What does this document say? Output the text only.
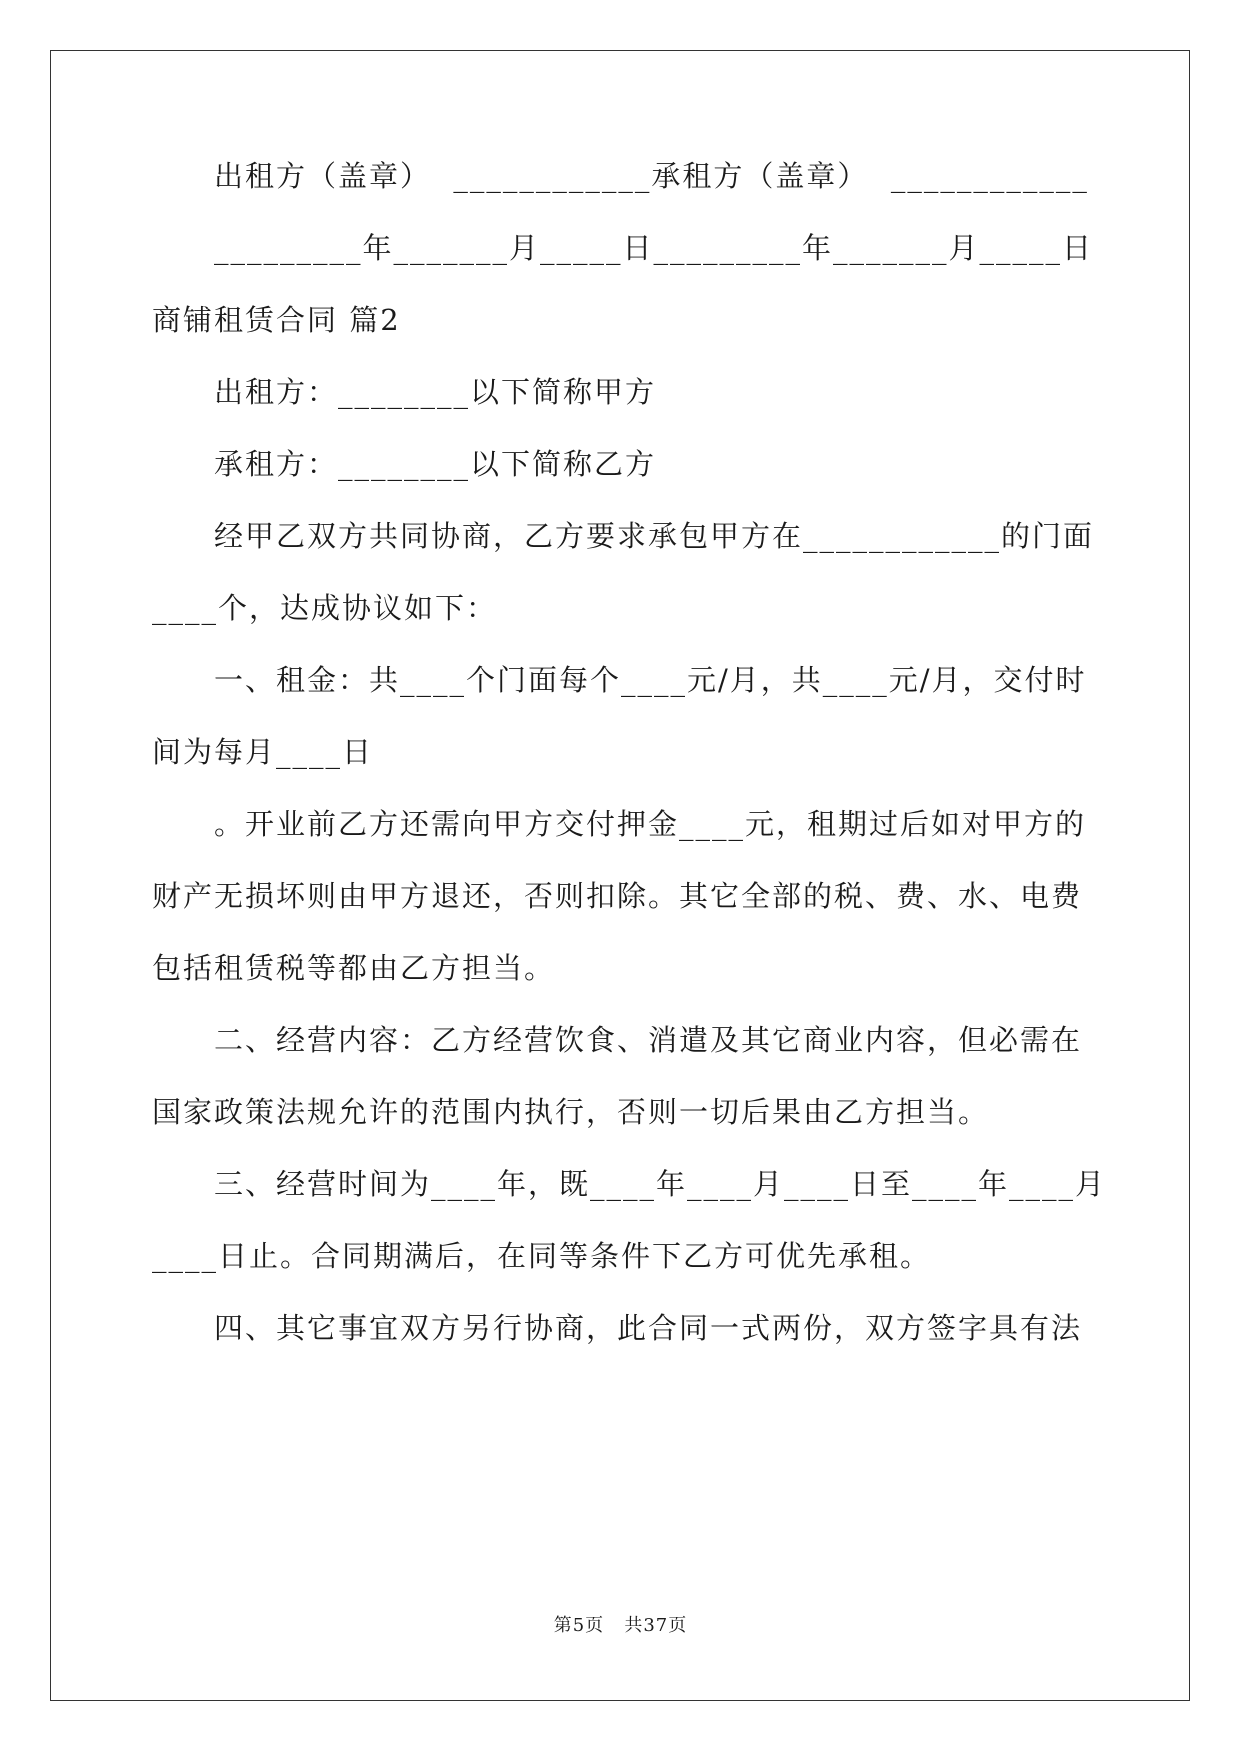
出租方（盖章）  ____________承租方（盖章）  ____________
_________年_______月_____日_________年_______月_____日
商铺租赁合同 篇2
出租方：________以下简称甲方
承租方：________以下简称乙方
经甲乙双方共同协商，乙方要求承包甲方在____________的门面
____个，达成协议如下：
一、租金：共____个门面每个____元/月，共____元/月，交付时
间为每月____日
。开业前乙方还需向甲方交付押金____元，租期过后如对甲方的
财产无损坏则由甲方退还，否则扣除。其它全部的税、费、水、电费
包括租赁税等都由乙方担当。
二、经营内容：乙方经营饮食、消遣及其它商业内容，但必需在
国家政策法规允许的范围内执行，否则一切后果由乙方担当。
三、经营时间为____年，既____年____月____日至____年____月
____日止。合同期满后，在同等条件下乙方可优先承租。
四、其它事宜双方另行协商，此合同一式两份，双方签字具有法
第5页 共37页
